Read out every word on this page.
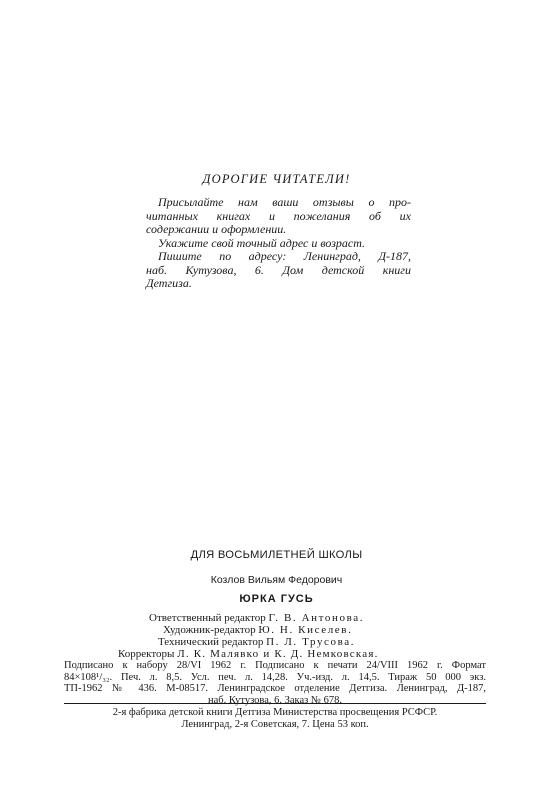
ДОРОГИЕ ЧИТАТЕЛИ!

Присылайте нам ваши отзывы о про-
читанных книгах и пожелания об их
содержании и оформлении.

Укажите свой точный адрес и возраст.

Пишите по адресу: Ленинград, Д-187,
наб. Кутузова, 6. Дом детской книги
Детгиза.

ДЛЯ ВОСЬМИЛЕТНЕЙ ШКОЛЫ
Козлов Вильям Федорович
ЮРКА ГУСЬ
Ответственный редактор Г. В. Антонова.
Художник-редактор Ю. Н. Киселев.
Технический редактор П. Л. Трусова.
Корректоры Л. К. Малявко и К. Д. Немковская.
Подписано к набору 28/VI 1962 г. Подписано к печати 24/VIII 1962 г. Формат
84×108¹/₃₂. Печ. л. 8,5. Усл. печ. л. 14,28. Уч.-изд. л. 14,5. Тираж 50 000 экз.
ТП-1962 № 436. М-08517. Ленинградское отделение Детгиза. Ленинград, Д-187,
наб. Кутузова, 6. Заказ № 678.
2-я фабрика детской книги Детгиза Министерства просвещения РСФСР.
Ленинград, 2-я Советская, 7. Цена 53 коп.
